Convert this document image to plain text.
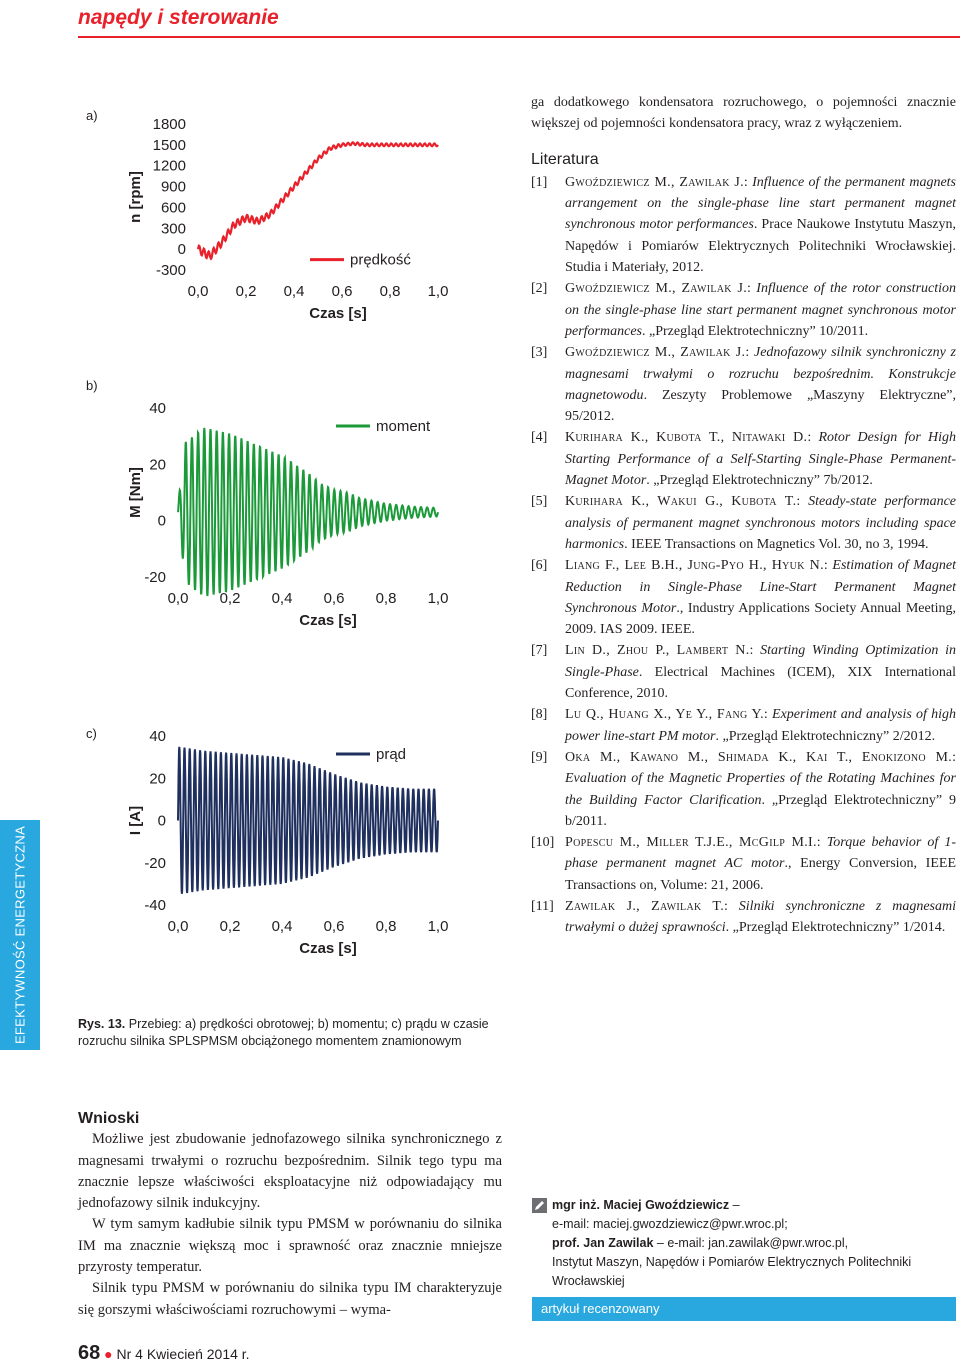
napędy i sterowanie
EFEKTYWNOŚĆ ENERGETYCZNA
a)
b)
c)
1800
1500
1200
900
600
300
0
-300
0,0 0,2 0,4 0,6 0,8 1,0
Czas [s]
n [rpm]
prędkość
40
20
0
-20
0,0 0,2 0,4 0,6 0,8 1,0
Czas [s]
M [Nm]
moment
40
20
0
-20
-40
0,0 0,2 0,4 0,6 0,8 1,0
Czas [s]
I [A]
prąd
Rys. 13. Przebieg: a) prędkości obrotowej; b) momentu; c) prądu w czasie rozruchu silnika SPLSPMSM obciążonego momentem znamionowym

ga dodatkowego kondensatora rozruchowego, o pojemności znacznie większej od pojemności kondensatora pracy, wraz z wyłączeniem.

Literatura

[1] Gwoździewicz M., Zawilak J.: Influence of the permanent magnets arrangement on the single-phase line start permanent magnet synchronous motor performances. Prace Naukowe Instytutu Maszyn, Napędów i Pomiarów Elektrycznych Politechniki Wrocławskiej. Studia i Materiały, 2012.

[2] Gwoździewicz M., Zawilak J.: Influence of the rotor construction on the single-phase line start permanent magnet synchronous motor performances. „Przegląd Elektrotechniczny” 10/2011.

[3] Gwoździewicz M., Zawilak J.: Jednofazowy silnik synchroniczny z magnesami trwałymi o rozruchu bezpośrednim. Konstrukcje magnetowodu. Zeszyty Problemowe „Maszyny Elektryczne”, 95/2012.

[4] Kurihara K., Kubota T., Nitawaki D.: Rotor Design for High Starting Performance of a Self-Starting Single-Phase Permanent-Magnet Motor. „Przegląd Elektrotechniczny” 7b/2012.

[5] Kurihara K., Wakui G., Kubota T.: Steady-state performance analysis of permanent magnet synchronous motors including space harmonics. IEEE Transactions on Magnetics Vol. 30, no 3, 1994.

[6] Liang F., Lee B.H., Jung-Pyo H., Hyuk N.: Estimation of Magnet Reduction in Single-Phase Line-Start Permanent Magnet Synchronous Motor., Industry Applications Society Annual Meeting, 2009. IAS 2009. IEEE.

[7] Lin D., Zhou P., Lambert N.: Starting Winding Optimization in Single-Phase. Electrical Machines (ICEM), XIX International Conference, 2010.

[8] Lu Q., Huang X., Ye Y., Fang Y.: Experiment and analysis of high power line-start PM motor. „Przegląd Elektrotechniczny” 2/2012.

[9] Oka M., Kawano M., Shimada K., Kai T., Enokizono M.: Evaluation of the Magnetic Properties of the Rotating Machines for the Building Factor Clarification. „Przegląd Elektrotechniczny” 9 b/2011.

[10] Popescu M., Miller T.J.E., McGilp M.I.: Torque behavior of 1-phase permanent magnet AC motor., Energy Conversion, IEEE Transactions on, Volume: 21, 2006.

[11] Zawilak J., Zawilak T.: Silniki synchroniczne z magnesami trwałymi o dużej sprawności. „Przegląd Elektrotechniczny” 1/2014.

Wnioski

Możliwe jest zbudowanie jednofazowego silnika synchronicznego z magnesami trwałymi o rozruchu bezpośrednim. Silnik tego typu ma znacznie lepsze właściwości eksploatacyjne niż odpowiadający mu jednofazowy silnik indukcyjny.

W tym samym kadłubie silnik typu PMSM w porównaniu do silnika IM ma znacznie większą moc i sprawność oraz znacznie mniejsze przyrosty temperatur.

Silnik typu PMSM w porównaniu do silnika typu IM charakteryzuje się gorszymi właściwościami rozruchowymi – wyma-

mgr inż. Maciej Gwoździewicz –
e-mail: maciej.gwozdziewicz@pwr.wroc.pl;
prof. Jan Zawilak – e-mail: jan.zawilak@pwr.wroc.pl,
Instytut Maszyn, Napędów i Pomiarów Elektrycznych Politechniki
Wrocławskiej
artykuł recenzowany
68 ● Nr 4 Kwiecień 2014 r.
